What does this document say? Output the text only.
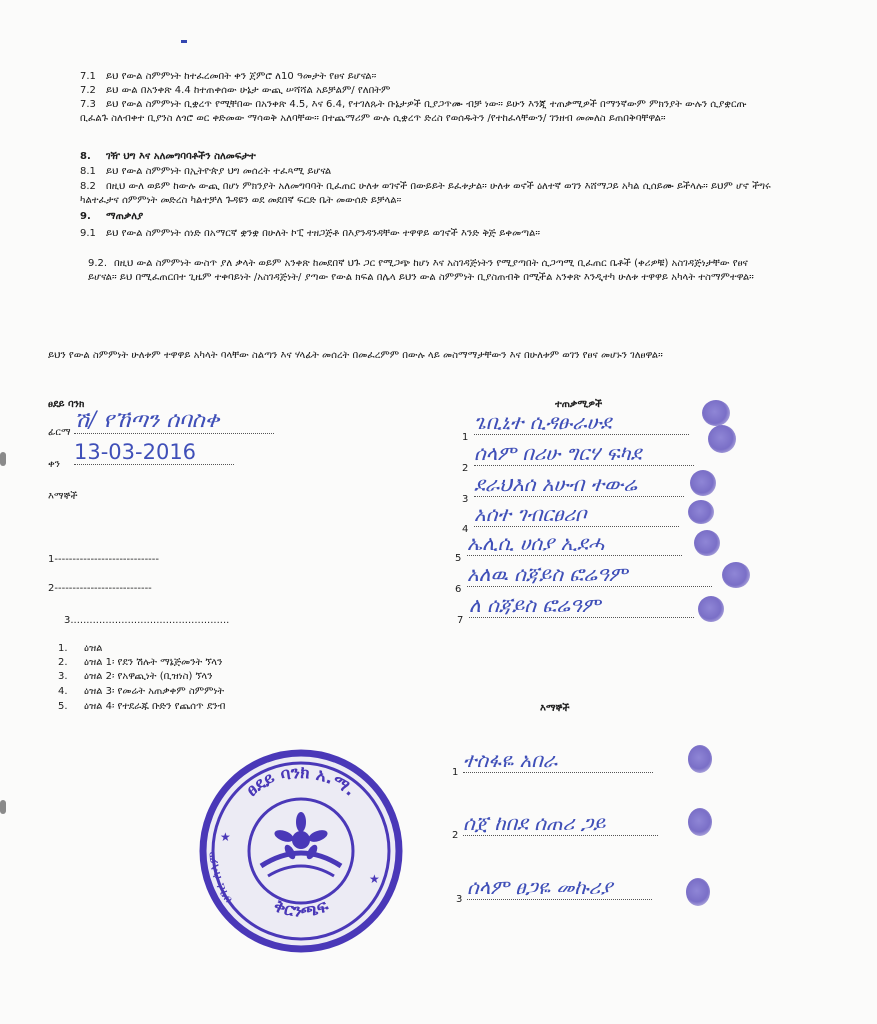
7.1 ይህ የውል ስምምነት ከተፈረመበት ቀን ጀምሮ ለ10 ዓመታት የፀና ይሆናል።
7.2 ይህ ውል በአንቀጽ 4.4 ከተጠቀሰው ሁኔታ ውጪ ሠሻሻል አይቻልም/ የለበትም
7.3 ይህ የውል ስምምነት ቢቋረጥ የሚቸበው በአንቀጽ 4.5, እና 6.4, የተገለጹት ቡኔታዎች ቢያጋጥሙ ብቻ ነው። ይሁን እንጂ ተጠቃሚዎች በማንኛውም ምክንያት ውሉን ሲያቋርጡ ቢፈልጉ ስለብቀተ ቢያንስ ለጎሮ ወር ቀድመው ማሳወቅ አለባቸው። በተጨማሪም ውሉ ሲቋረጥ ድረስ የወሰዱትን /የተከፈላቸውን/ ገንዘብ መመለስ ይጠበቅባቸዋል።
8. ገዥ ህግ እና አለመግባባቶችን ስለመፍታተ
8.1 ይህ የውል ስምምነት በኢትዮጵያ ህግ መሰረት ተፈጻሚ ይሆናል
8.2 በዚህ ውለ ወይም ከውሉ ውጪ በሆነ ምክንያት አለመግባባት ቢፈጠር ሁለቱ ወገኖች በውይይት ይፈቱታል። ሁለቱ ወኖች ዕለተኛ ወገን እሸማጋይ አካል ሲሰይሙ ይችላሉ። ይህም ሆኖ ችግሩ ካልተፈታና ሰምምነት መድረስ ካልተቻለ ጉዳዩን ወደ መደበኛ ፍርድ ቤት መውሰድ ይቻላል።
9. ማጠቃለያ
9.1 ይህ የውል ስምምነት ሰነድ በአማርኛ ቋንቋ በሁለት ኮፒ ተዘጋጅቶ በእያንዳንዳቸው ተዋዋይ ወገኖች እንድ ቅጅ ይቀመጣል።
9.2. በዚህ ውል ስምምነት ውስጥ ያለ ቃላት ወይም አንቀጽ ከመደበኛ ህጉ ጋር የሚጋጭ ከሆነ እና አስገዳጅነትን የሚያጣበት ሲጋጣሚ ቢፈጠር ቤቶች (ቀሪዎቹ) አስገዳጅነታቸው የፀና ይሆናል። ይህ በሚፈጠርበተ ጊዜም ተቀባይነት /አስገዳጅነት/ ያጣው የውል ክፍል በሌላ ይህን ውል ስምምነት ቢያስጠብቅ በሚችል አንቀጽ እንዲተካ ሁለቱ ተዋዋይ አካላት ተስማምተዋል።
ይህን የውል ስምምነት ሁለቱም ተዋዋይ አካላት ባላቸው ስልጣን እና ሃላፊት መሰረት በመፈረምም በውሉ ላይ መስማማታቸውን እና በሁለቱም ወገን የፀና መሆኑን ገለፀዋል።
ፀደይ ባንክ
ፊርማ ሽ/ የኸጣን ሰባስቀ
ቀን
13-03-2016
እማኞች
1-----------------------------
2---------------------------
3..................................................
ተጠቃሚዎች
1
ጌቢኒተ ሲዳፁራሁደ
2
ሰላም በሪሁ ግርሃ ፍካደ
3
ደራህእሰ አሁብ ተውሬ
4
አሰተ ገብርፀሪቦ
5
ኤሊሲ ሀሰያ ኢደሓ
6
አለዉ ሰጃይስ ፎሬዓም
7
ለ ሰጃይስ ፎሬዓም
1. ዕዝል
2. ዕዝል 1፡ የደን ሽሉት ማኔጅመንት ኘላን
3. ዕዝል 2፡ የአዋጪነት (ቢዝነስ) ኘላን
4. ዕዝል 3፡ የመሬት አጠቃቀም ስምምነት
5. ዕዝል 4፡ የተደራጁ ቡድን የጨሰጥ ደንብ	እማኞች
1
ተስፋዬ አበራ
2
ሰጀ ከበደ ሰጠሪ ጋይ
3
ሰላም ፀጋዬ መኩሪያ
ፀደይ ባንክ አ.ማ.
ቅርንጫፍ
ሀገረ ሰላም
★
★
